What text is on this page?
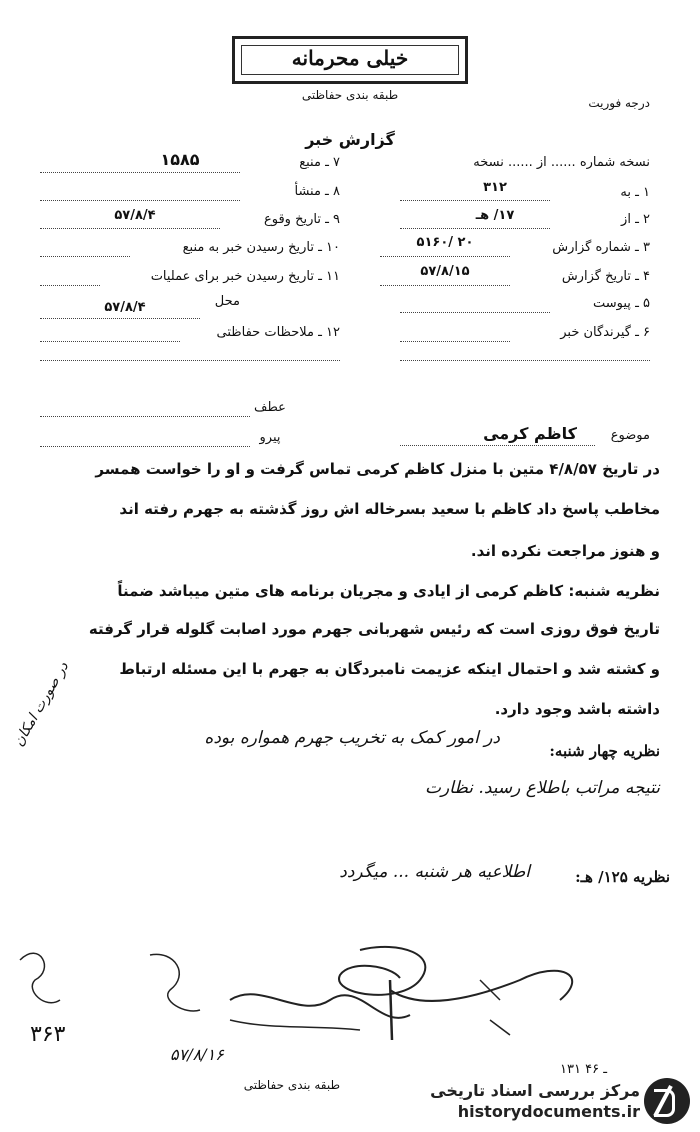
خیلی محرمانه
طبقه بندی حفاظتی
درجه فوریت
گزارش خبر
نسخه شماره ...... از ...... نسخه
۱ ـ به
۳۱۲
۲ ـ از
۱۷/ هـ
۳ ـ شماره گزارش
۵۱۶۰/ ۲۰
۴ ـ تاریخ گزارش
۵۷/۸/۱۵
۵ ـ پیوست
۶ ـ گیرندگان خبر
۷ ـ منبع
۱۵۸۵
۸ ـ منشأ
۹ ـ تاریخ وقوع
۵۷/۸/۴
۱۰ ـ تاریخ رسیدن خبر به منبع
۱۱ ـ تاریخ رسیدن خبر برای عملیات
محل
۵۷/۸/۴
۱۲ ـ ملاحظات حفاظتی
عطف
پیرو	موضوع
کاظم کرمی
در تاریخ ۴/۸/۵۷ متین با منزل کاظم کرمی تماس گرفت و او را خواست همسر
مخاطب پاسخ داد کاظم با سعید بسرخاله اش روز گذشته به جهرم رفته اند
و هنوز مراجعت نکرده اند.
نظریه شنبه: کاظم کرمی از ایادی و مجریان برنامه های متین میباشد ضمناً
تاریخ فوق روزی است که رئیس شهربانی جهرم مورد اصابت گلوله قرار گرفته
و کشته شد و احتمال اینکه عزیمت نامبردگان به جهرم با این مسئله ارتباط
داشته باشد وجود دارد.
در صورت امکان
نظریه چهار شنبه:
در امور کمک به تخریب جهرم همواره بوده
نتیجه مراتب باطلاع رسید. نظارت
نظریه ۱۲۵/ هـ:
اطلاعیه هر شنبه ... میگردد
۳۶۳
۵۷/۸/۱۶
۱۳۱ ـ ۴۶
طبقه بندی حفاظتی	مرکز بررسی اسناد تاریخی
historydocuments.ir
